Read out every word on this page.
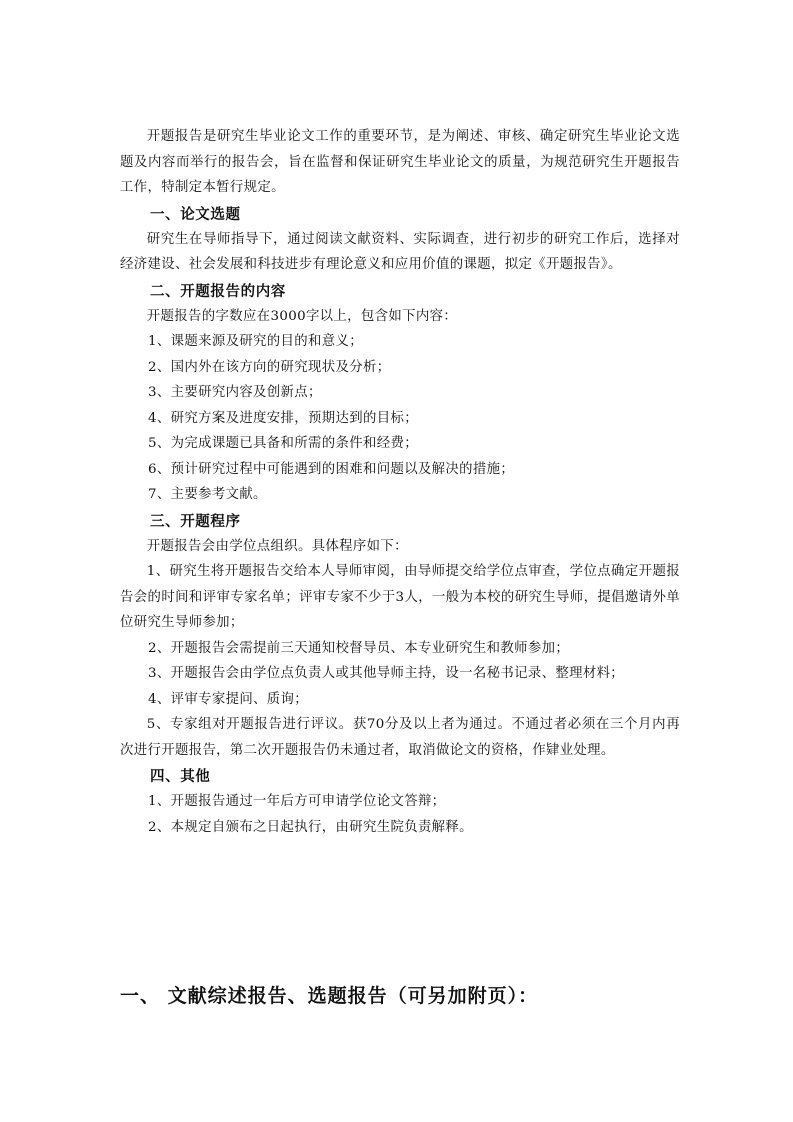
开题报告是研究生毕业论文工作的重要环节，是为阐述、审核、确定研究生毕业论文选题及内容而举行的报告会，旨在监督和保证研究生毕业论文的质量，为规范研究生开题报告工作，特制定本暂行规定。

一、论文选题

研究生在导师指导下，通过阅读文献资料、实际调查，进行初步的研究工作后，选择对经济建设、社会发展和科技进步有理论意义和应用价值的课题，拟定《开题报告》。

二、开题报告的内容

开题报告的字数应在3000字以上，包含如下内容：

1、课题来源及研究的目的和意义；

2、国内外在该方向的研究现状及分析；

3、主要研究内容及创新点；

4、研究方案及进度安排，预期达到的目标；

5、为完成课题已具备和所需的条件和经费；

6、预计研究过程中可能遇到的困难和问题以及解决的措施；

7、主要参考文献。

三、开题程序

开题报告会由学位点组织。具体程序如下：

1、研究生将开题报告交给本人导师审阅，由导师提交给学位点审查，学位点确定开题报告会的时间和评审专家名单；评审专家不少于3人，一般为本校的研究生导师，提倡邀请外单位研究生导师参加；

2、开题报告会需提前三天通知校督导员、本专业研究生和教师参加；

3、开题报告会由学位点负责人或其他导师主持，设一名秘书记录、整理材料；

4、评审专家提问、质询；

5、专家组对开题报告进行评议。获70分及以上者为通过。不通过者必须在三个月内再次进行开题报告，第二次开题报告仍未通过者，取消做论文的资格，作肄业处理。

四、其他

1、开题报告通过一年后方可申请学位论文答辩；

2、本规定自颁布之日起执行，由研究生院负责解释。

一、 文献综述报告、选题报告（可另加附页）：
